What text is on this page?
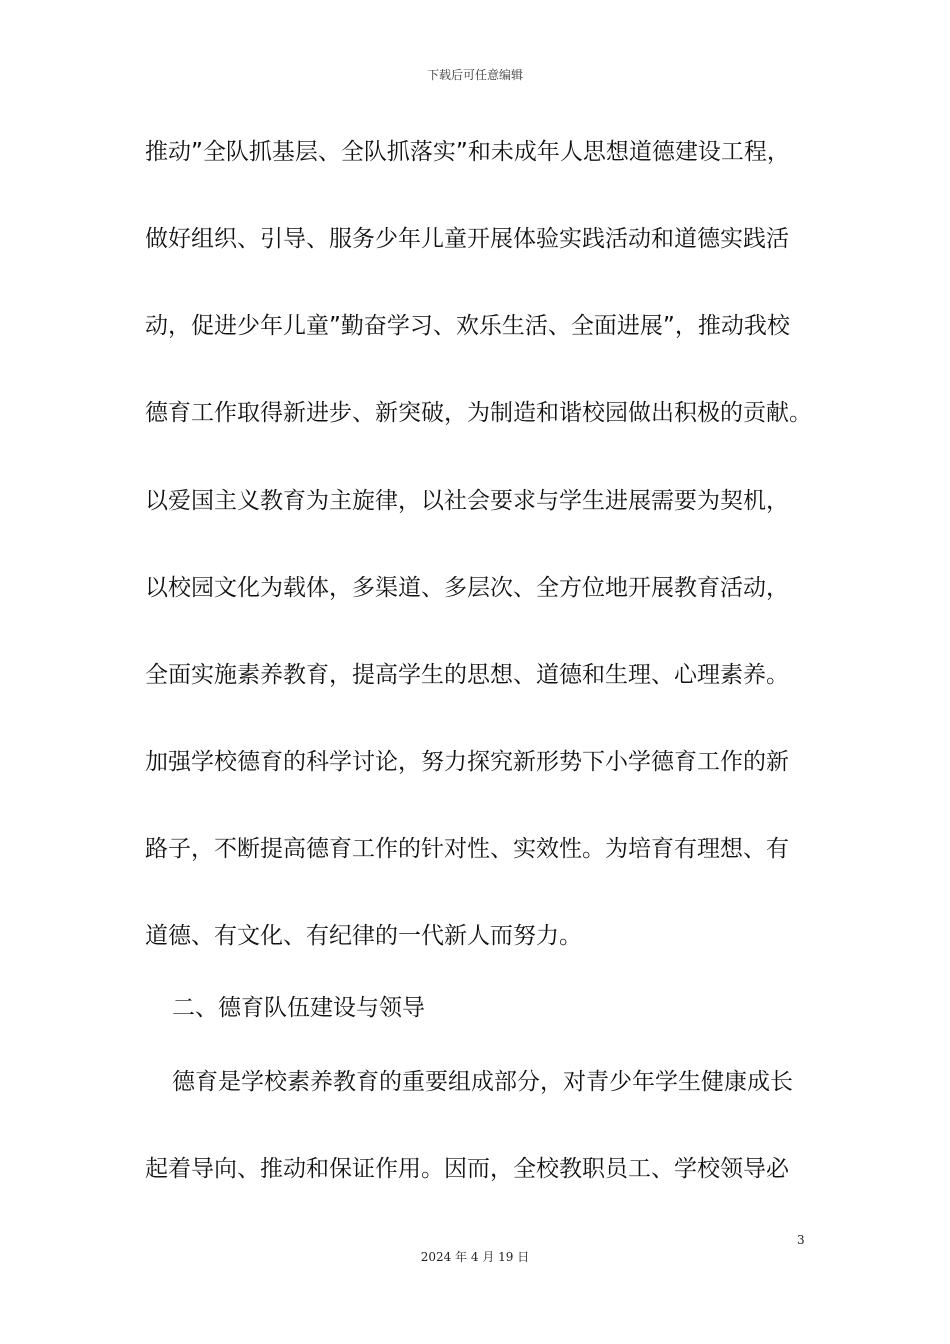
下载后可任意编辑
推动”全队抓基层、全队抓落实”和未成年人思想道德建设工程，
做好组织、引导、服务少年儿童开展体验实践活动和道德实践活
动，促进少年儿童”勤奋学习、欢乐生活、全面进展”，推动我校
德育工作取得新进步、新突破，为制造和谐校园做出积极的贡献。
以爱国主义教育为主旋律，以社会要求与学生进展需要为契机，
以校园文化为载体，多渠道、多层次、全方位地开展教育活动，
全面实施素养教育，提高学生的思想、道德和生理、心理素养。
加强学校德育的科学讨论，努力探究新形势下小学德育工作的新
路子，不断提高德育工作的针对性、实效性。为培育有理想、有
道德、有文化、有纪律的一代新人而努力。
二、德育队伍建设与领导
德育是学校素养教育的重要组成部分，对青少年学生健康成长
起着导向、推动和保证作用。因而，全校教职员工、学校领导必
3
2024 年 4 月 19 日
